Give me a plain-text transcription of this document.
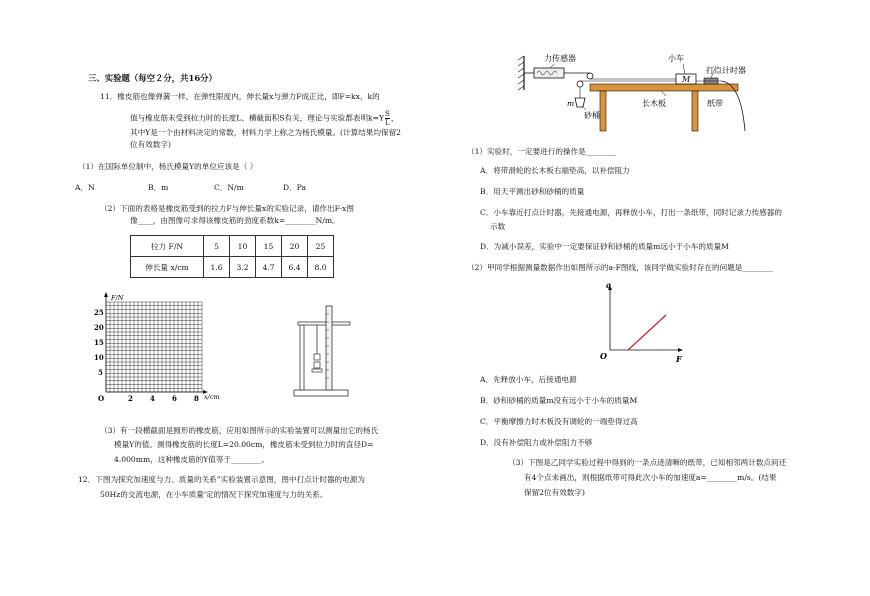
三、实验题（每空２分，共16分）
11．橡皮筋也像弹簧一样，在弹性限度内，伸长量x与弹力F成正比，即F=kx，k的
值与橡皮筋未受到拉力时的长度L、横截面积S有关，理论与实验都表明$k=Y \frac{S}{L}$ ，
其中Y是一个由材料决定的常数，材料力学上称之为杨氏模量。(计算结果均保留2
位有效数字)
（1）在国际单位制中，杨氏模量Y的单位应该是（ ）
A．N	B．m	C．N/m	D．Pa
（2）下面的表格是橡皮筋受到的拉力F与伸长量x的实验记录，请作出F-x图
像____，由图像可求得该橡皮筋的劲度系数k=________N/m。
拉力 F/N	5	10	15	20	25
伸长量 x/cm	1.6	3.2	4.7	6.4	8.0
F/N
x/cm
25
20
15
10
5
O	2 4 6 8
（3）有一段横截面是圆形的橡皮筋，应用如图所示的实验装置可以测量出它的杨氏
模量Y的值。测得橡皮筋的长度L=20.00cm，橡皮筋未受到拉力时的直径D=
4.000mm，这种橡皮筋的Y值等于________。
12．下图为探究加速度与力、质量的关系”实验装置示意图，图中打点计时器的电源为
50Hz的交流电源，在小车质量'定的情况下探究加速度与力的关系。
M
力传感器	小车
打点计时器
m
砂桶
长木板	纸带
（1）实验时，一定要进行的操作是________
A．将带滑轮的长木板右端垫高，以补偿阻力
B．用天平测出砂和砂桶的质量
C．小车靠近打点计时器，先接通电源，再释放小车，打出一条纸带，同时记录力传感器的
示数
D．为减小误差，实验中一定要保证砂和砂桶的质量m远小于小车的质量M
（2）甲同学根据测量数据作出如图所示的a-F图线，该同学做实验时存在的问题是________
a
F
O
A．先释放小车，后接通电源
B．砂和砂桶的质量m没有远小于小车的质量M
C．平衡摩擦力时木板没有调轮的一端垫得过高
D．没有补偿阻力或补偿阻力不够
（3）下图是乙同学实验过程中得到的一条点迹清晰的纸带，已知相邻两计数点间还
有4个点未画出，则根据纸带可得此次小车的加速度a=________m/s。(结果
保留2位有效数字)
